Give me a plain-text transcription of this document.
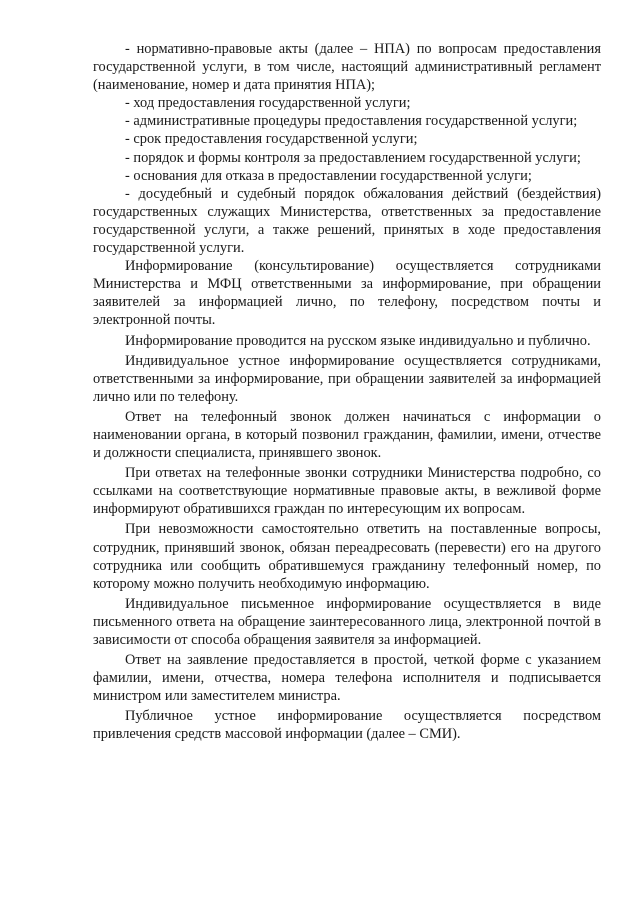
- нормативно-правовые акты (далее – НПА) по вопросам предоставления государственной услуги, в том числе, настоящий административный регламент (наименование, номер и дата принятия НПА);

- ход предоставления государственной услуги;

- административные процедуры предоставления государственной услуги;

- срок предоставления государственной услуги;

- порядок и формы контроля за предоставлением государственной услуги;

- основания для отказа в предоставлении государственной услуги;

- досудебный и судебный порядок обжалования действий (бездействия) государственных служащих Министерства, ответственных за предоставление государственной услуги, а также решений, принятых в ходе предоставления государственной услуги.

Информирование (консультирование) осуществляется сотрудниками Министерства и МФЦ ответственными за информирование, при обращении заявителей за информацией лично, по телефону, посредством почты и электронной почты.

Информирование проводится на русском языке индивидуально и публично.

Индивидуальное устное информирование осуществляется сотрудниками, ответственными за информирование, при обращении заявителей за информацией лично или по телефону.

Ответ на телефонный звонок должен начинаться с информации о наименовании органа, в который позвонил гражданин, фамилии, имени, отчестве и должности специалиста, принявшего звонок.

При ответах на телефонные звонки сотрудники Министерства подробно, со ссылками на соответствующие нормативные правовые акты, в вежливой форме информируют обратившихся граждан по интересующим их вопросам.

При невозможности самостоятельно ответить на поставленные вопросы, сотрудник, принявший звонок, обязан переадресовать (перевести) его на другого сотрудника или сообщить обратившемуся гражданину телефонный номер, по которому можно получить необходимую информацию.

Индивидуальное письменное информирование осуществляется в виде письменного ответа на обращение заинтересованного лица, электронной почтой в зависимости от способа обращения заявителя за информацией.

Ответ на заявление предоставляется в простой, четкой форме с указанием фамилии, имени, отчества, номера телефона исполнителя и подписывается министром или заместителем министра.

Публичное устное информирование осуществляется посредством привлечения средств массовой информации (далее – СМИ).
